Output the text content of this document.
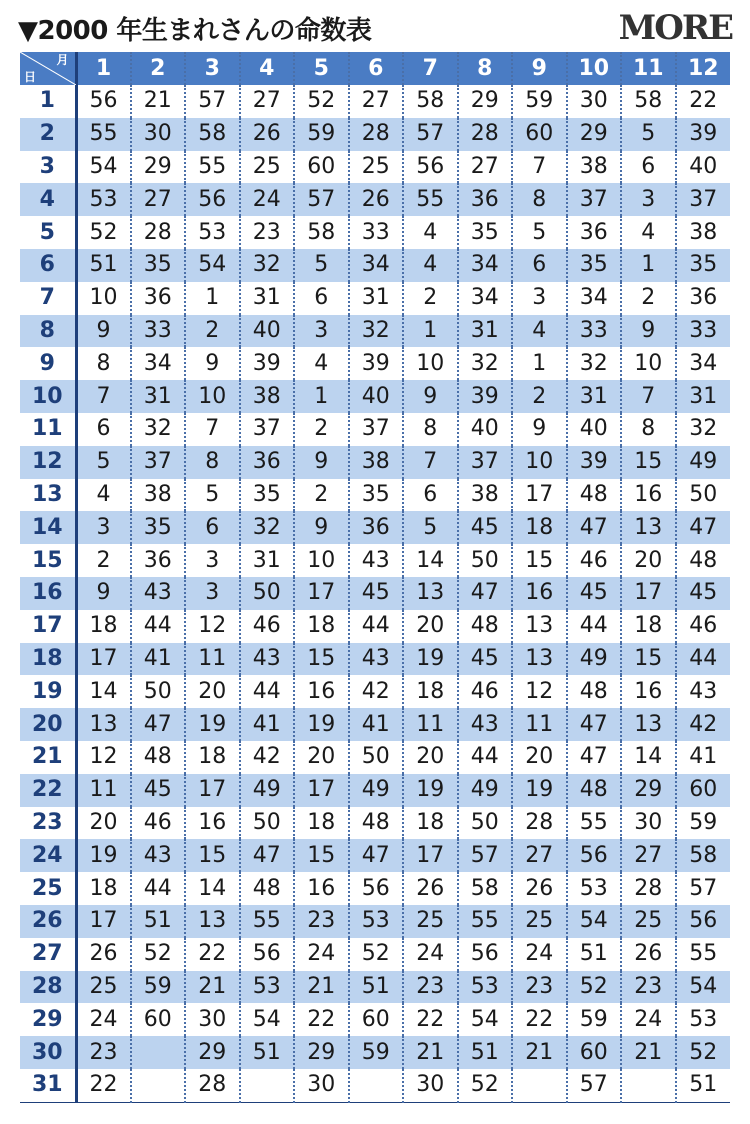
▼2000 年生まれさんの命数表	MORE
日
月	1	2	3	4	5	6	7	8	9	10	11	12
1	56	21	57	27	52	27	58	29	59	30	58	22
2	55	30	58	26	59	28	57	28	60	29	5	39
3	54	29	55	25	60	25	56	27	7	38	6	40
4	53	27	56	24	57	26	55	36	8	37	3	37
5	52	28	53	23	58	33	4	35	5	36	4	38
6	51	35	54	32	5	34	4	34	6	35	1	35
7	10	36	1	31	6	31	2	34	3	34	2	36
8	9	33	2	40	3	32	1	31	4	33	9	33
9	8	34	9	39	4	39	10	32	1	32	10	34
10	7	31	10	38	1	40	9	39	2	31	7	31
11	6	32	7	37	2	37	8	40	9	40	8	32
12	5	37	8	36	9	38	7	37	10	39	15	49
13	4	38	5	35	2	35	6	38	17	48	16	50
14	3	35	6	32	9	36	5	45	18	47	13	47
15	2	36	3	31	10	43	14	50	15	46	20	48
16	9	43	3	50	17	45	13	47	16	45	17	45
17	18	44	12	46	18	44	20	48	13	44	18	46
18	17	41	11	43	15	43	19	45	13	49	15	44
19	14	50	20	44	16	42	18	46	12	48	16	43
20	13	47	19	41	19	41	11	43	11	47	13	42
21	12	48	18	42	20	50	20	44	20	47	14	41
22	11	45	17	49	17	49	19	49	19	48	29	60
23	20	46	16	50	18	48	18	50	28	55	30	59
24	19	43	15	47	15	47	17	57	27	56	27	58
25	18	44	14	48	16	56	26	58	26	53	28	57
26	17	51	13	55	23	53	25	55	25	54	25	56
27	26	52	22	56	24	52	24	56	24	51	26	55
28	25	59	21	53	21	51	23	53	23	52	23	54
29	24	60	30	54	22	60	22	54	22	59	24	53
30	23		29	51	29	59	21	51	21	60	21	52
31	22		28		30		30	52		57		51
